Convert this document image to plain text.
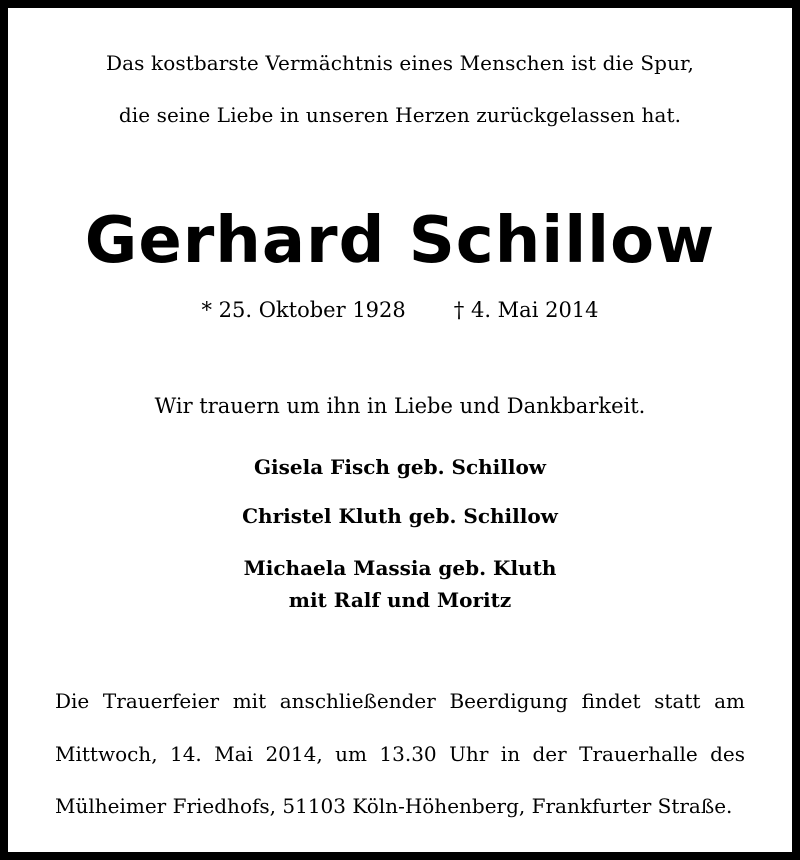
Das kostbarste Vermächtnis eines Menschen ist die Spur,
die seine Liebe in unseren Herzen zurückgelassen hat.
Gerhard Schillow
* 25. Oktober 1928 † 4. Mai 2014
Wir trauern um ihn in Liebe und Dankbarkeit.
Gisela Fisch geb. Schillow
Christel Kluth geb. Schillow
Michaela Massia geb. Kluth
mit Ralf und Moritz
Die Trauerfeier mit anschließender Beerdigung findet statt am
Mittwoch, 14. Mai 2014, um 13.30 Uhr in der Trauerhalle des
Mülheimer Friedhofs, 51103 Köln-Höhenberg, Frankfurter Straße.
